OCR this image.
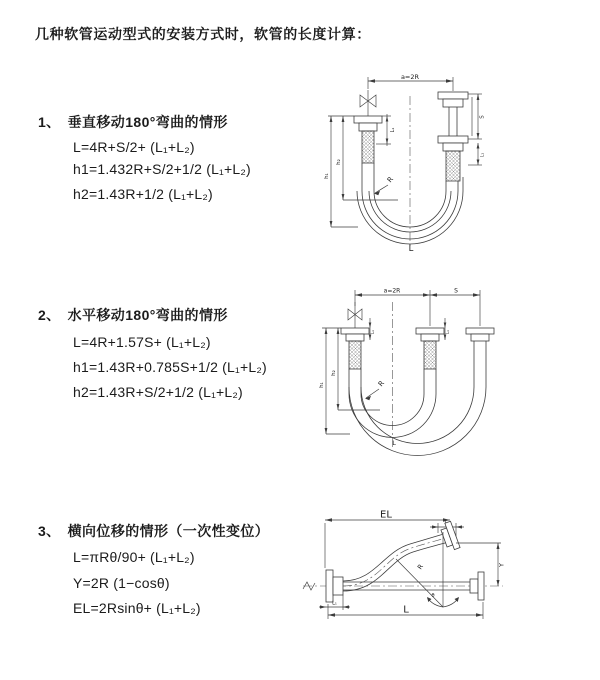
几种软管运动型式的安装方式时，软管的长度计算：
1、 垂直移动180°弯曲的情形
L=4R+S/2+ (L₁+L₂)
h1=1.432R+S/2+1/2 (L₁+L₂)
h2=1.43R+1/2 (L₁+L₂)
2、 水平移动180°弯曲的情形
L=4R+1.57S+ (L₁+L₂)
h1=1.43R+0.785S+1/2 (L₁+L₂)
h2=1.43R+S/2+1/2 (L₁+L₂)
3、 横向位移的情形（一次性变位）
L=πRθ/90+ (L₁+L₂)
Y=2R (1−cosθ)
EL=2Rsinθ+ (L₁+L₂)
a=2R
L₁
S
L₁
h₁
h₂
R
L
a=2R	S
L₁	L₁
h₁
h₂
R
L
EL
R
θ
Y
L₁
L
